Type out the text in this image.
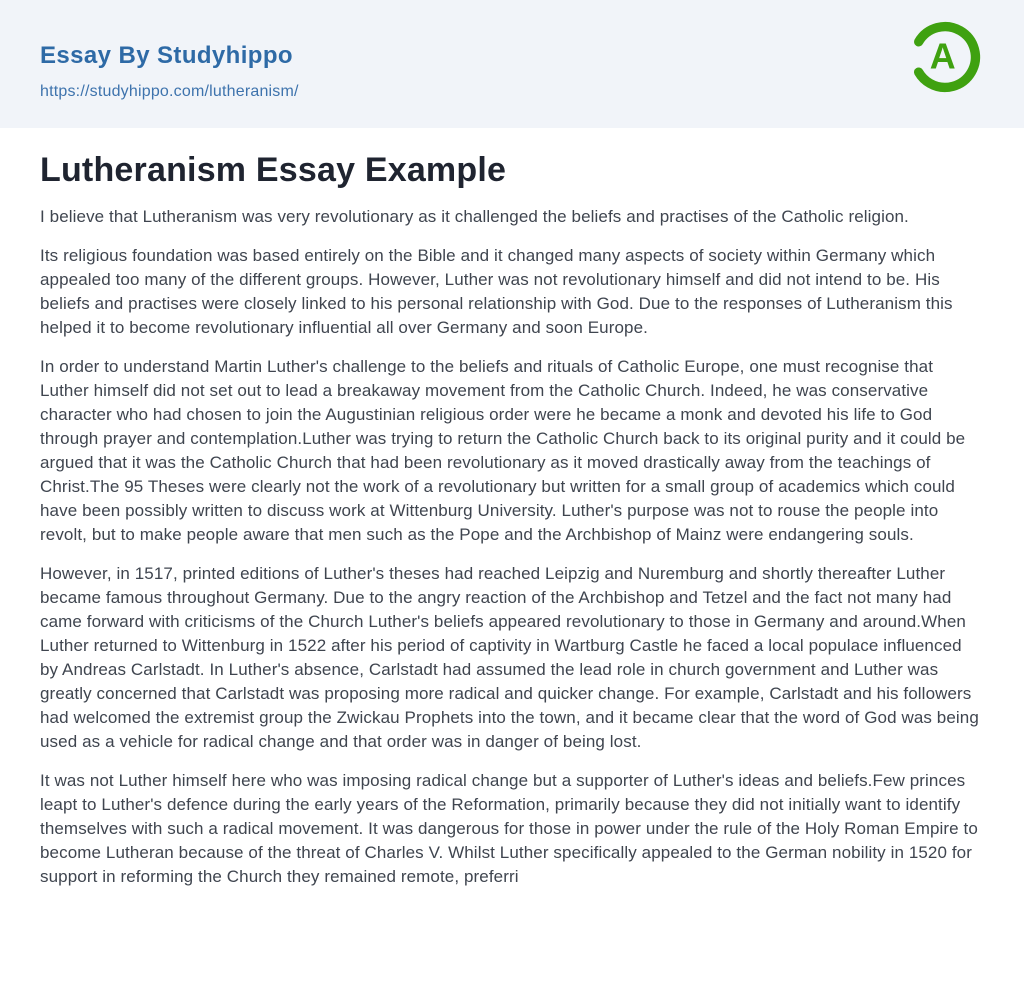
Essay By Studyhippo
https://studyhippo.com/lutheranism/
A
Lutheranism Essay Example

I believe that Lutheranism was very revolutionary as it challenged the beliefs and practises of the Catholic religion.

Its religious foundation was based entirely on the Bible and it changed many aspects of society within Germany which appealed too many of the different groups. However, Luther was not revolutionary himself and did not intend to be. His beliefs and practises were closely linked to his personal relationship with God. Due to the responses of Lutheranism this helped it to become revolutionary influential all over Germany and soon Europe.

In order to understand Martin Luther's challenge to the beliefs and rituals of Catholic Europe, one must recognise that Luther himself did not set out to lead a breakaway movement from the Catholic Church. Indeed, he was conservative character who had chosen to join the Augustinian religious order were he became a monk and devoted his life to God through prayer and contemplation.Luther was trying to return the Catholic Church back to its original purity and it could be argued that it was the Catholic Church that had been revolutionary as it moved drastically away from the teachings of Christ.The 95 Theses were clearly not the work of a revolutionary but written for a small group of academics which could have been possibly written to discuss work at Wittenburg University. Luther's purpose was not to rouse the people into revolt, but to make people aware that men such as the Pope and the Archbishop of Mainz were endangering souls.

However, in 1517, printed editions of Luther's theses had reached Leipzig and Nuremburg and shortly thereafter Luther became famous throughout Germany. Due to the angry reaction of the Archbishop and Tetzel and the fact not many had came forward with criticisms of the Church Luther's beliefs appeared revolutionary to those in Germany and around.When Luther returned to Wittenburg in 1522 after his period of captivity in Wartburg Castle he faced a local populace influenced by Andreas Carlstadt. In Luther's absence, Carlstadt had assumed the lead role in church government and Luther was greatly concerned that Carlstadt was proposing more radical and quicker change. For example, Carlstadt and his followers had welcomed the extremist group the Zwickau Prophets into the town, and it became clear that the word of God was being used as a vehicle for radical change and that order was in danger of being lost.

It was not Luther himself here who was imposing radical change but a supporter of Luther's ideas and beliefs.Few princes leapt to Luther's defence during the early years of the Reformation, primarily because they did not initially want to identify themselves with such a radical movement. It was dangerous for those in power under the rule of the Holy Roman Empire to become Lutheran because of the threat of Charles V. Whilst Luther specifically appealed to the German nobility in 1520 for support in reforming the Church they remained remote, preferri
